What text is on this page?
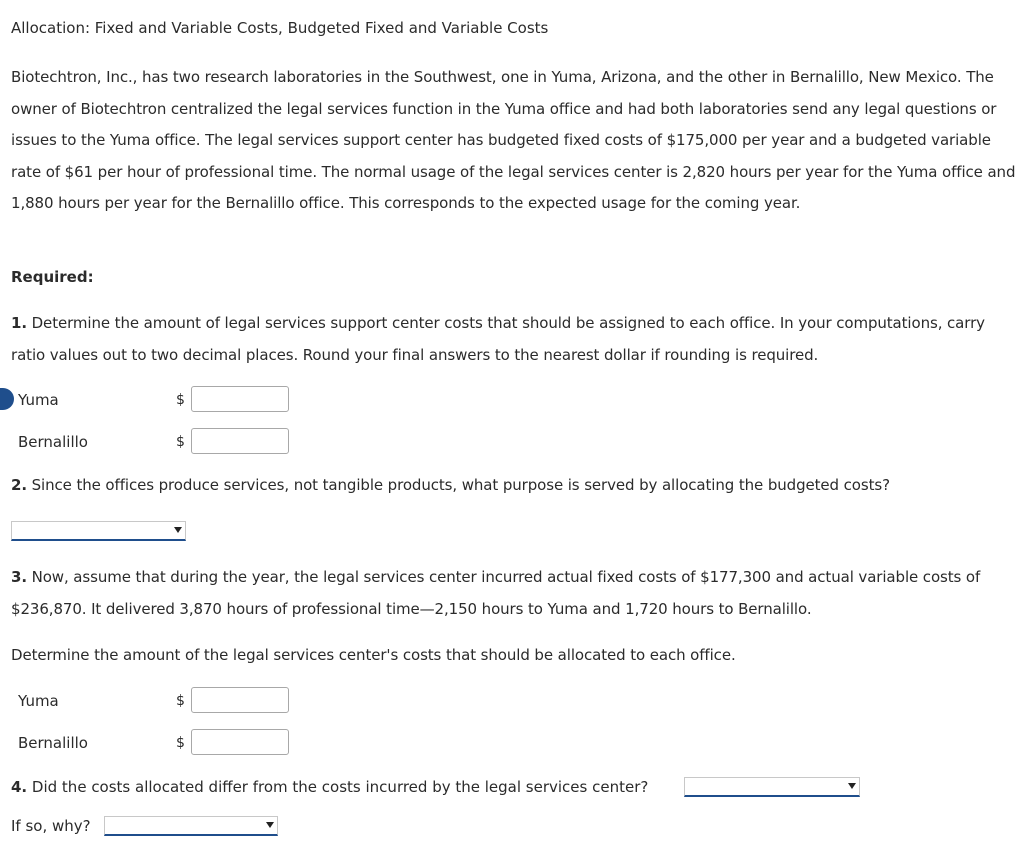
Allocation: Fixed and Variable Costs, Budgeted Fixed and Variable Costs
Biotechtron, Inc., has two research laboratories in the Southwest, one in Yuma, Arizona, and the other in Bernalillo, New Mexico. The owner of Biotechtron centralized the legal services function in the Yuma office and had both laboratories send any legal questions or issues to the Yuma office. The legal services support center has budgeted fixed costs of $175,000 per year and a budgeted variable rate of $61 per hour of professional time. The normal usage of the legal services center is 2,820 hours per year for the Yuma office and 1,880 hours per year for the Bernalillo office. This corresponds to the expected usage for the coming year.
Required:
1. Determine the amount of legal services support center costs that should be assigned to each office. In your computations, carry ratio values out to two decimal places. Round your final answers to the nearest dollar if rounding is required.
Yuma	$
Bernalillo	$
2. Since the offices produce services, not tangible products, what purpose is served by allocating the budgeted costs?
3. Now, assume that during the year, the legal services center incurred actual fixed costs of $177,300 and actual variable costs of $236,870. It delivered 3,870 hours of professional time—2,150 hours to Yuma and 1,720 hours to Bernalillo.
Determine the amount of the legal services center's costs that should be allocated to each office.
Yuma	$
Bernalillo	$
4. Did the costs allocated differ from the costs incurred by the legal services center?
If so, why?
